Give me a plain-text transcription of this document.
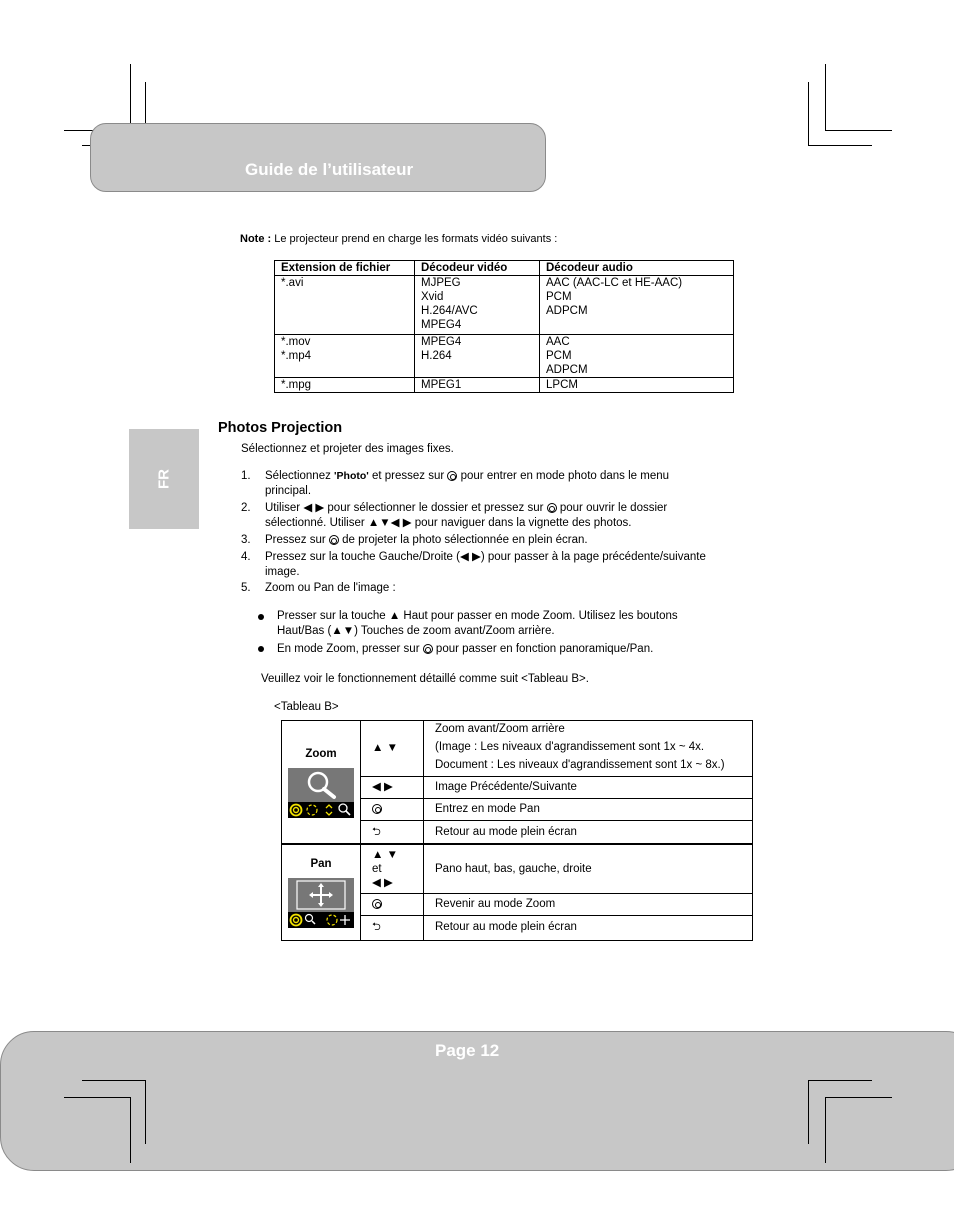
Guide de l’utilisateur
FR
Note : Le projecteur prend en charge les formats vidéo suivants :
Extension de fichier	Décodeur vidéo	Décodeur audio
*.avi	MJPEG	AAC (AAC-LC et HE-AAC)
	Xvid	PCM
	H.264/AVC	ADPCM
	MPEG4	
*.mov	MPEG4	AAC
*.mp4	H.264	PCM
		ADPCM
*.mpg	MPEG1	LPCM
Photos Projection
Sélectionnez et projeter des images fixes.
1. Sélectionnez 'Photo' et pressez sur  pour entrer en mode photo dans le menu
principal.
2. Utiliser ◀ ▶ pour sélectionner le dossier et pressez sur  pour ouvrir le dossier
sélectionné. Utiliser ▲▼◀ ▶ pour naviguer dans la vignette des photos.
3. Pressez sur  de projeter la photo sélectionnée en plein écran.
4. Pressez sur la touche Gauche/Droite (◀ ▶) pour passer à la page précédente/suivante
image.
5. Zoom ou Pan de l'image :
Presser sur la touche ▲ Haut pour passer en mode Zoom. Utilisez les boutons
Haut/Bas (▲▼) Touches de zoom avant/Zoom arrière.
En mode Zoom, presser sur  pour passer en fonction panoramique/Pan.
Veuillez voir le fonctionnement détaillé comme suit <Tableau B>.
<Tableau B>
Zoom	▲ ▼	Zoom avant/Zoom arrière
(Image : Les niveaux d'agrandissement sont 1x ~ 4x.
Document : Les niveaux d'agrandissement sont 1x ~ 8x.)

	◀ ▶	Image Précédente/Suivante
		Entrez en mode Pan
	⮌	Retour au mode plein écran

Pan	▲ ▼
et
◀ ▶	Pano haut, bas, gauche, droite
		Revenir au mode Zoom
	⮌	Retour au mode plein écran
Page 12
